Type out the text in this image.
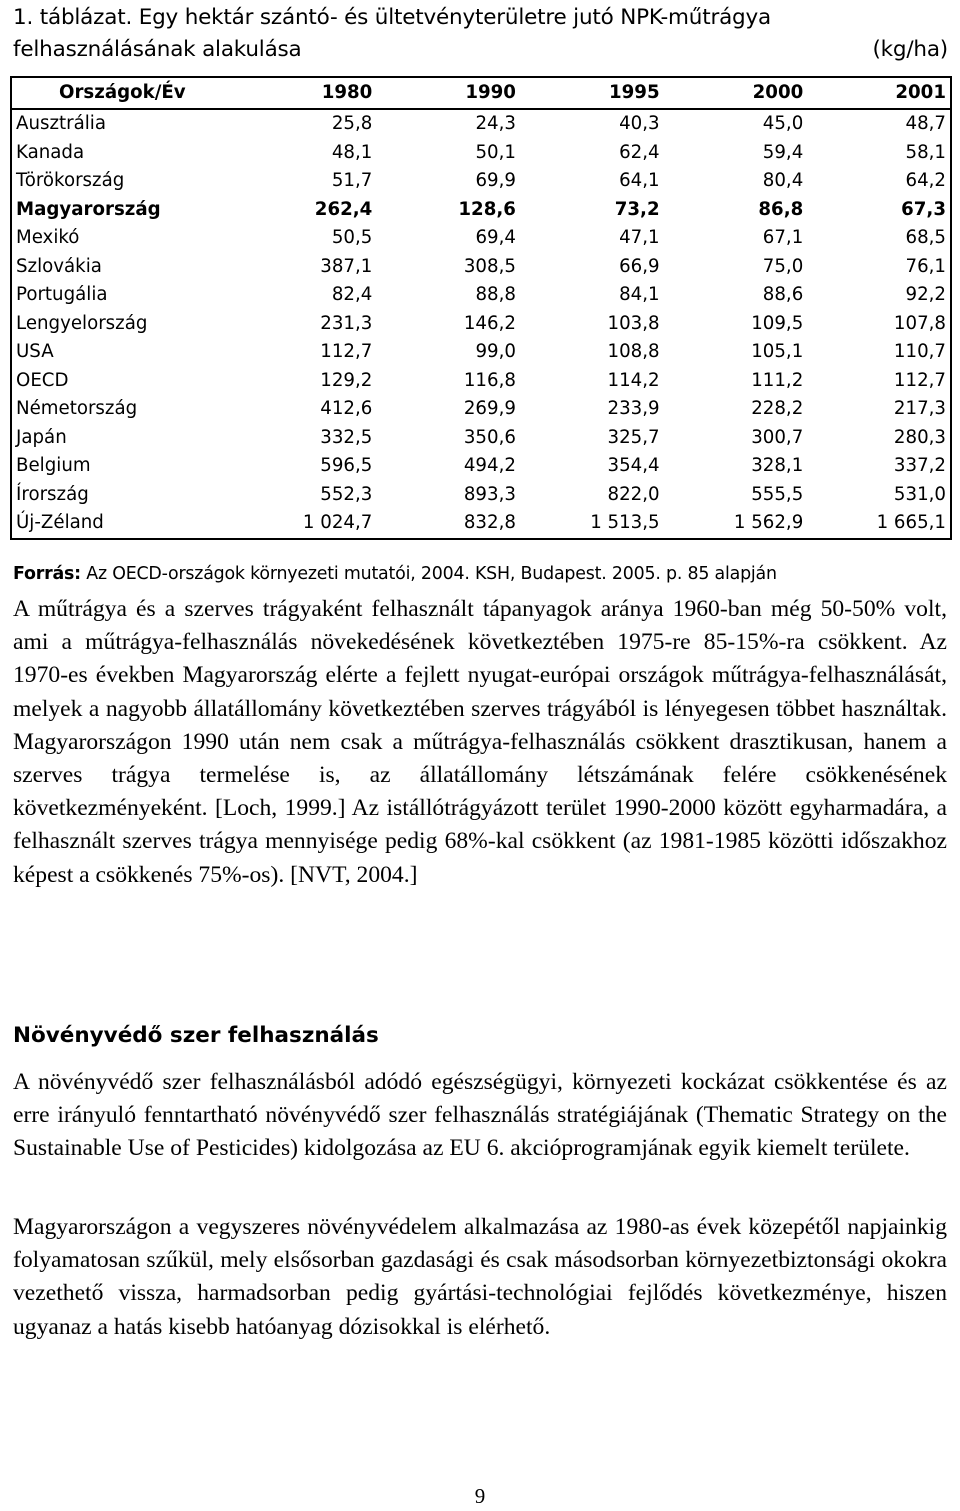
1. táblázat. Egy hektár szántó- és ültetvényterületre jutó NPK-műtrágya
felhasználásának alakulása	(kg/ha)
Országok/Év	1980	1990	1995	2000	2001
Ausztrália	25,8	24,3	40,3	45,0	48,7
Kanada	48,1	50,1	62,4	59,4	58,1
Törökország	51,7	69,9	64,1	80,4	64,2
Magyarország	262,4	128,6	73,2	86,8	67,3
Mexikó	50,5	69,4	47,1	67,1	68,5
Szlovákia	387,1	308,5	66,9	75,0	76,1
Portugália	82,4	88,8	84,1	88,6	92,2
Lengyelország	231,3	146,2	103,8	109,5	107,8
USA	112,7	99,0	108,8	105,1	110,7
OECD	129,2	116,8	114,2	111,2	112,7
Németország	412,6	269,9	233,9	228,2	217,3
Japán	332,5	350,6	325,7	300,7	280,3
Belgium	596,5	494,2	354,4	328,1	337,2
Írország	552,3	893,3	822,0	555,5	531,0
Új-Zéland	1 024,7	832,8	1 513,5	1 562,9	1 665,1
Forrás: Az OECD-országok környezeti mutatói, 2004. KSH, Budapest. 2005. p. 85 alapján
A műtrágya és a szerves trágyaként felhasznált tápanyagok aránya 1960-ban még 50-50% volt, ami a műtrágya-felhasználás növekedésének következtében 1975-re 85-15%-ra csökkent. Az 1970-es években Magyarország elérte a fejlett nyugat-európai országok műtrágya-felhasználását, melyek a nagyobb állatállomány következtében szerves trágyából is lényegesen többet használtak. Magyarországon 1990 után nem csak a műtrágya-felhasználás csökkent drasztikusan, hanem a szerves trágya termelése is, az állatállomány létszámának felére csökkenésének következményeként. [Loch, 1999.] Az istállótrágyázott terület 1990-2000 között egyharmadára, a felhasznált szerves trágya mennyisége pedig 68%-kal csökkent (az 1981-1985 közötti időszakhoz képest a csökkenés 75%-os). [NVT, 2004.]
Növényvédő szer felhasználás
A növényvédő szer felhasználásból adódó egészségügyi, környezeti kockázat csökkentése és az erre irányuló fenntartható növényvédő szer felhasználás stratégiájának (Thematic Strategy on the Sustainable Use of Pesticides) kidolgozása az EU 6. akcióprogramjának egyik kiemelt területe.
Magyarországon a vegyszeres növényvédelem alkalmazása az 1980-as évek közepétől napjainkig folyamatosan szűkül, mely elsősorban gazdasági és csak másodsorban környezetbiztonsági okokra vezethető vissza, harmadsorban pedig gyártási-technológiai fejlődés következménye, hiszen ugyanaz a hatás kisebb hatóanyag dózisokkal is elérhető.
9
